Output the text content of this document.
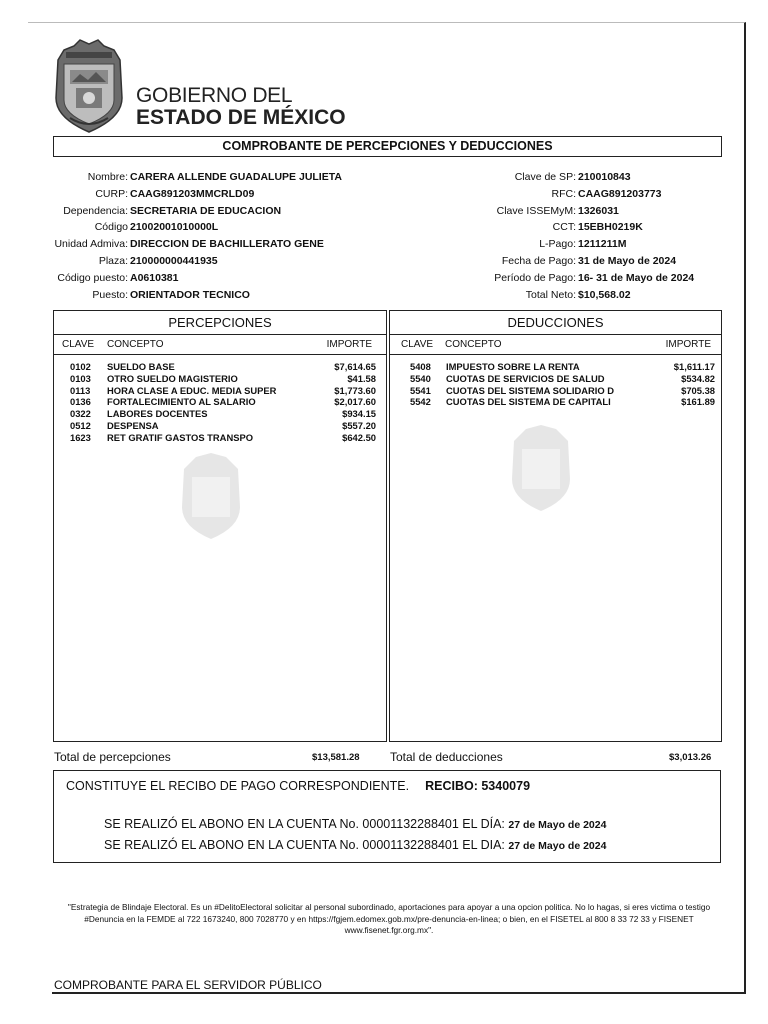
GOBIERNO DEL
ESTADO DE MÉXICO
COMPROBANTE DE PERCEPCIONES Y DEDUCCIONES
Nombre: CARERA ALLENDE GUADALUPE JULIETA
CURP: CAAG891203MMCRLD09
Dependencia: SECRETARIA DE EDUCACION
Código 21002001010000L
Unidad Admiva: DIRECCION DE BACHILLERATO GENE
Plaza: 210000000441935
Código puesto: A0610381
Puesto: ORIENTADOR TECNICO
Clave de SP: 210010843
RFC: CAAG891203773
Clave ISSEMyM: 1326031
CCT: 15EBH0219K
L-Pago: 1211211M
Fecha de Pago: 31 de Mayo de 2024
Período de Pago: 16- 31 de Mayo de 2024
Total Neto: $10,568.02
PERCEPCIONES
CLAVE CONCEPTO	IMPORTE
0102 SUELDO BASE	$7,614.65
0103 OTRO SUELDO MAGISTERIO	$41.58
0113 HORA CLASE A EDUC. MEDIA SUPER	$1,773.60
0136 FORTALECIMIENTO AL SALARIO	$2,017.60
0322 LABORES DOCENTES	$934.15
0512 DESPENSA	$557.20
1623 RET GRATIF GASTOS TRANSPO	$642.50
DEDUCCIONES
CLAVE CONCEPTO	IMPORTE
5408 IMPUESTO SOBRE LA RENTA	$1,611.17
5540 CUOTAS DE SERVICIOS DE SALUD	$534.82
5541 CUOTAS DEL SISTEMA SOLIDARIO D	$705.38
5542 CUOTAS DEL SISTEMA DE CAPITALI	$161.89
Total de percepciones	$13,581.28	Total de deducciones	$3,013.26
CONSTITUYE EL RECIBO DE PAGO CORRESPONDIENTE. RECIBO: 5340079
SE REALIZÓ EL ABONO EN LA CUENTA No. 00001132288401 EL DÍA: 27 de Mayo de 2024
SE REALIZÓ EL ABONO EN LA CUENTA No. 00001132288401 EL DIA: 27 de Mayo de 2024
"Estrategia de Blindaje Electoral. Es un #DelitoElectoral solicitar al personal subordinado, aportaciones para apoyar a una opcion politica. No lo hagas, si eres victima o testigo #Denuncia en la FEMDE al 722 1673240, 800 7028770 y en https://fgjem.edomex.gob.mx/pre-denuncia-en-linea; o bien, en el FISETEL al 800 8 33 72 33 y FISENET www.fisenet.fgr.org.mx".
COMPROBANTE PARA EL SERVIDOR PÚBLICO
